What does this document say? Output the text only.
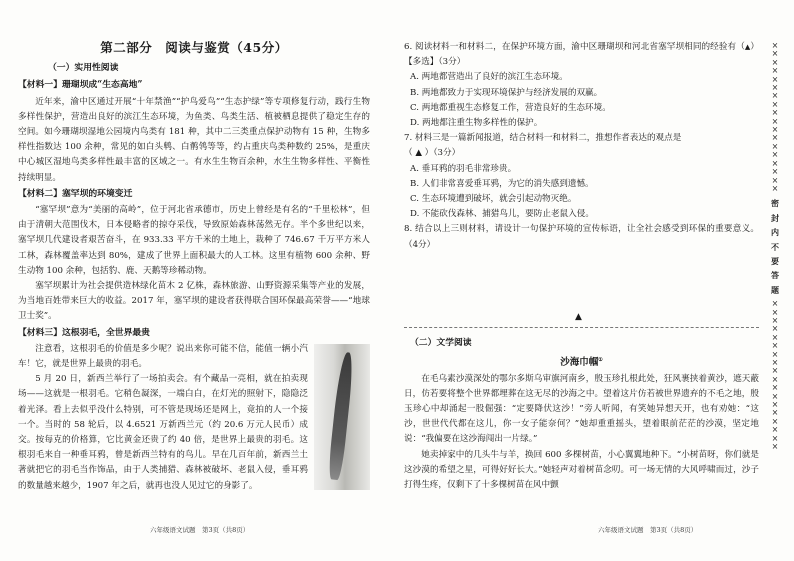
第二部分　阅读与鉴赏（45分）
（一）实用性阅读
【材料一】珊瑚坝成“生态高地”

近年来，渝中区通过开展“十年禁渔”“护鸟爱鸟”“生态护绿”等专项修复行动，践行生物多样性保护，营造出良好的滨江生态环境，为鱼类、鸟类生活、植被栖息提供了稳定生存的空间。如今珊瑚坝湿地公园境内鸟类有 181 种，其中二三类重点保护动物有 15 种，生物多样性指数达 100 余种，常见的如白头鹎、白鹡鸰等等，约占重庆鸟类种数约 25%，是重庆中心城区湿地鸟类多样性最丰富的区域之一。有水生生物百余种，水生生物多样性、平衡性持续明显。

【材料二】塞罕坝的环境变迁

“塞罕坝”意为“美丽的高岭”，位于河北省承德市，历史上曾经是有名的“千里松林”，但由于清朝大范围伐木，日本侵略者的掠夺采伐，导致原始森林荡然无存。半个多世纪以来，塞罕坝几代建设者艰苦奋斗，在 933.33 平方千米的土地上，栽种了 746.67 千万平方米人工林，森林覆盖率达到 80%，建成了世界上面积最大的人工林。这里有植物 600 余种、野生动物 100 余种，包括豹、鹿、天鹅等珍稀动物。

塞罕坝累计为社会提供造林绿化苗木 2 亿株，森林旅游、山野资源采集等产业的发展，为当地百姓带来巨大的收益。2017 年，塞罕坝的建设者获得联合国环保最高荣誉——“地球卫士奖”。

【材料三】这根羽毛，全世界最贵

注意看，这根羽毛的价值是多少呢？说出来你可能不信，能值一辆小汽车！它，就是世界上最贵的羽毛。

5 月 20 日，新西兰举行了一场拍卖会。有个藏品一亮相，就在拍卖现场——这就是一根羽毛。它稍色凝深，一端白白，在灯光的照射下，隐隐泛着光泽。看上去似乎没什么特别，可不管是现场还是网上，竟拍的人一个接一个。当时的 58 轮后，以 4.6521 万新西兰元（约 20.6 万元人民币）成交。按每克的价格算，它比黄金还贵了约 40 倍，是世界上最贵的羽毛。这根羽毛来自一种垂耳鸦，曾是新西兰特有的鸟儿。早在几百年前，新西兰土著就把它的羽毛当作饰品，由于人类捕猎、森林被破坏、老鼠入侵，垂耳鸦的数量越来越少，1907 年之后，就再也没人见过它的身影了。

六年级语文试题　第3页（共8页）

6. 阅读材料一和材料二，在保护环境方面，渝中区珊瑚坝和河北省塞罕坝相同的经验有（▲）【多选】（3分）

A. 两地都营造出了良好的滨江生态环境。

B. 两地都致力于实现环境保护与经济发展的双赢。

C. 两地都重视生态修复工作，营造良好的生态环境。

D. 两地都注重生物多样性的保护。

7. 材料三是一篇新闻报道，结合材料一和材料二，推想作者表达的观点是

（ ▲ ）（3分）

A. 垂耳鸦的羽毛非常珍贵。

B. 人们非常喜爱垂耳鸦，为它的消失感到遗憾。

C. 生态环境遭到破坏，就会引起动物灭绝。

D. 不能砍伐森林、捕猎鸟儿，要防止老鼠入侵。

8. 结合以上三则材料，请设计一句保护环境的宣传标语，让全社会感受到环保的重要意义。（4分）

▲
（二）文学阅读
沙海巾帼①

在毛乌素沙漠深处的鄂尔多斯乌审旗河南乡，殷玉珍扎根此处，狂风裹挟着黄沙，遮天蔽日，仿若要将整个世界都埋葬在这无尽的沙海之中。望着这片仿若被世界遗弃的不毛之地，殷玉珍心中却涌起一股倔强：“定要降伏这沙！”旁人听闻，有笑她异想天开，也有劝她：“这沙，世世代代都在这儿，你一女子能奈何？”她却重重摇头，望着眼前茫茫的沙漠，坚定地说：“我偏要在这沙海闯出一片绿。”

她卖掉家中的几头牛与羊，换回 600 多棵树苗，小心翼翼地种下。“小树苗呀，你们就是这沙漠的希望之星，可得好好长大。”她轻声对着树苗念叨。可一场无情的大风呼啸而过，沙子打得生疼，仅剩下了十多棵树苗在风中颤

六年级语文试题　第3页（共8页）
×
×
×
×
×
×
×
×
×
×
×
×
×
×
×
×
×
×
密
封
内
不
要
答
题
×
×
×
×
×
×
×
×
×
×
×
×
×
×
×
×
×
×
